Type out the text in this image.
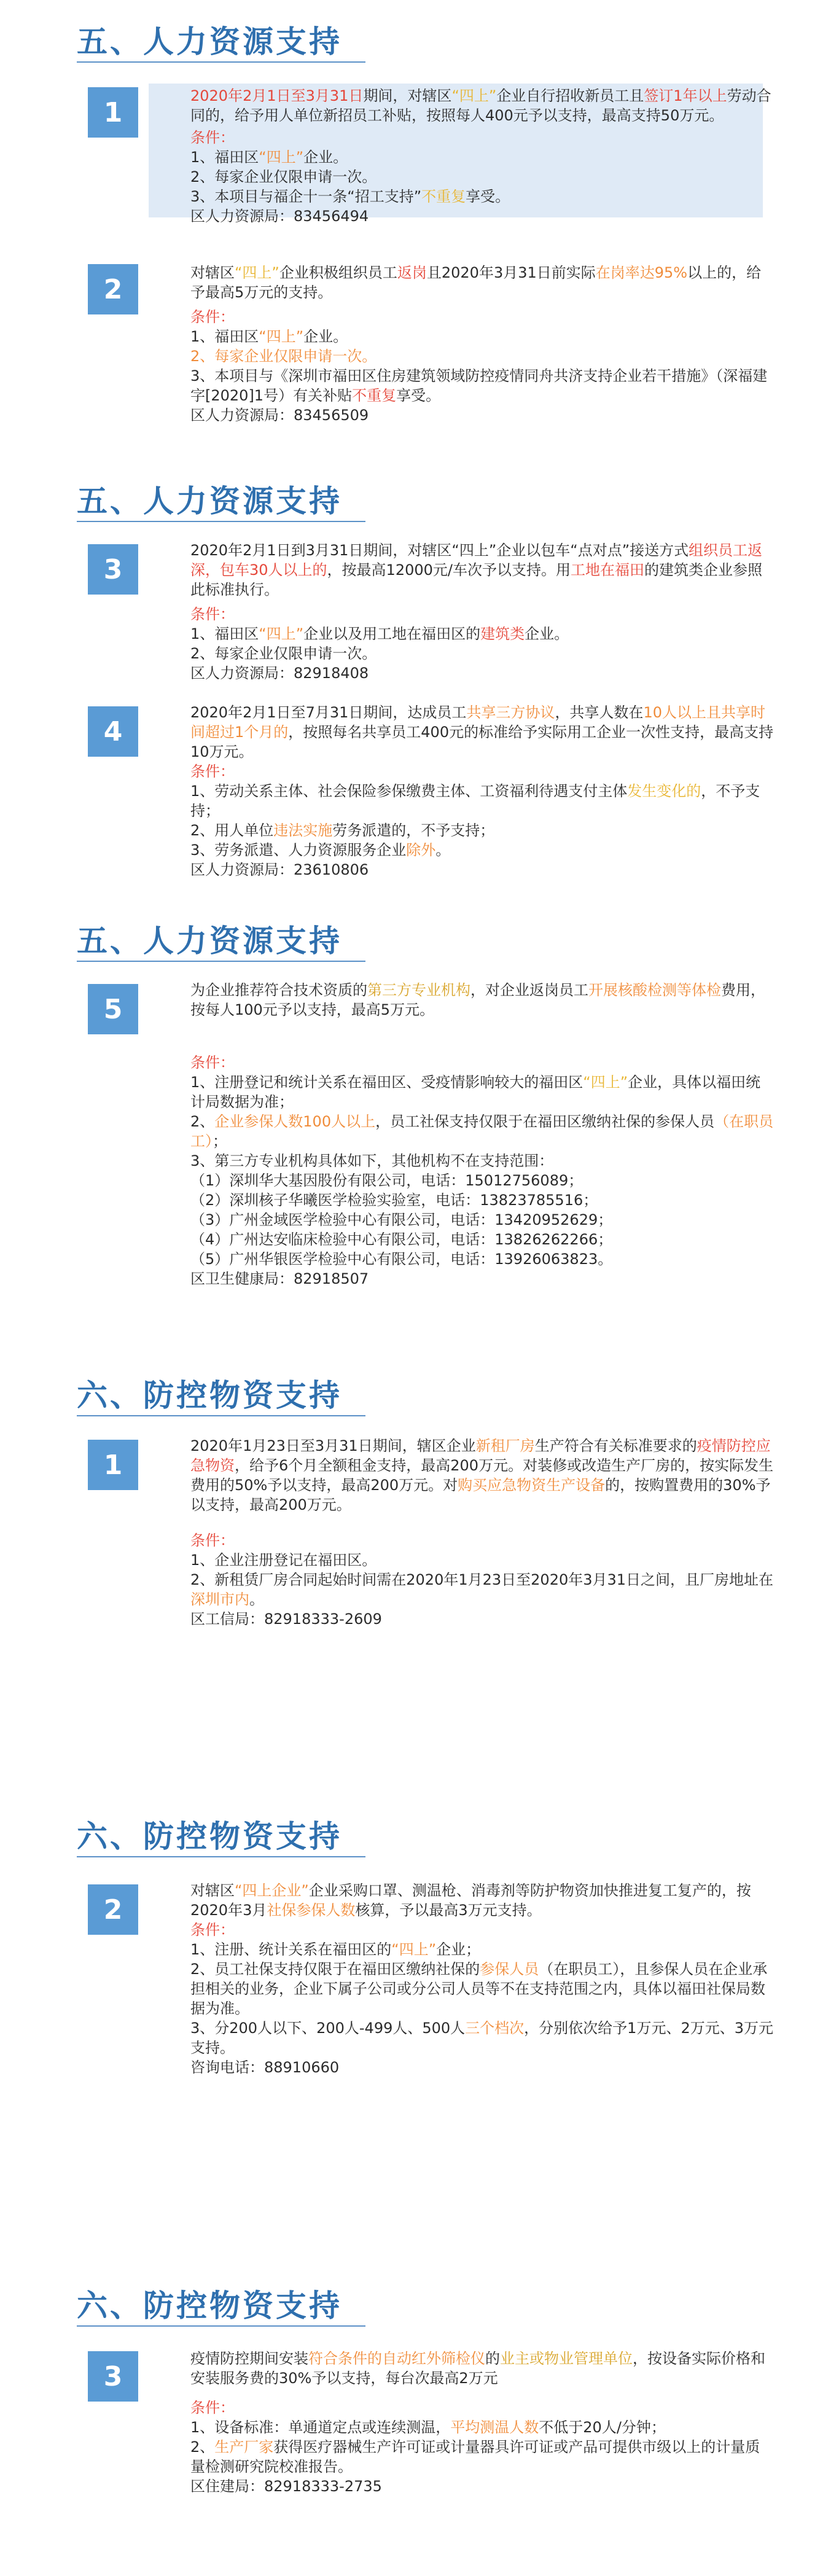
五、人力资源支持
1

2020年2月1日至3月31日期间，对辖区“四上”企业自行招收新员工且签订1年以上劳动合同的，给予用人单位新招员工补贴，按照每人400元予以支持，最高支持50万元。

条件：

1、福田区“四上”企业。

2、每家企业仅限申请一次。

3、本项目与福企十一条“招工支持”不重复享受。

区人力资源局：83456494

2

对辖区“四上”企业积极组织员工返岗且2020年3月31日前实际在岗率达95%以上的，给予最高5万元的支持。

条件：

1、福田区“四上”企业。

2、每家企业仅限申请一次。

3、本项目与《深圳市福田区住房建筑领域防控疫情同舟共济支持企业若干措施》（深福建字[2020]1号）有关补贴不重复享受。

区人力资源局：83456509

五、人力资源支持
3

2020年2月1日到3月31日期间，对辖区“四上”企业以包车“点对点”接送方式组织员工返深，包车30人以上的，按最高12000元/车次予以支持。用工地在福田的建筑类企业参照此标准执行。

条件：

1、福田区“四上”企业以及用工地在福田区的建筑类企业。

2、每家企业仅限申请一次。

区人力资源局：82918408

4

2020年2月1日至7月31日期间，达成员工共享三方协议，共享人数在10人以上且共享时间超过1个月的，按照每名共享员工400元的标准给予实际用工企业一次性支持，最高支持10万元。

条件：

1、劳动关系主体、社会保险参保缴费主体、工资福利待遇支付主体发生变化的，不予支持；

2、用人单位违法实施劳务派遣的，不予支持；

3、劳务派遣、人力资源服务企业除外。

区人力资源局：23610806

五、人力资源支持
5

为企业推荐符合技术资质的第三方专业机构，对企业返岗员工开展核酸检测等体检费用，按每人100元予以支持，最高5万元。

条件：

1、注册登记和统计关系在福田区、受疫情影响较大的福田区“四上”企业，具体以福田统计局数据为准；

2、企业参保人数100人以上，员工社保支持仅限于在福田区缴纳社保的参保人员（在职员工）；

3、第三方专业机构具体如下，其他机构不在支持范围：

（1）深圳华大基因股份有限公司，电话：15012756089；

（2）深圳核子华曦医学检验实验室，电话：13823785516；

（3）广州金域医学检验中心有限公司，电话：13420952629；

（4）广州达安临床检验中心有限公司，电话：13826262266；

（5）广州华银医学检验中心有限公司，电话：13926063823。

区卫生健康局：82918507

六、防控物资支持
1

2020年1月23日至3月31日期间，辖区企业新租厂房生产符合有关标准要求的疫情防控应急物资，给予6个月全额租金支持，最高200万元。对装修或改造生产厂房的，按实际发生费用的50%予以支持，最高200万元。对购买应急物资生产设备的，按购置费用的30%予以支持，最高200万元。

条件：

1、企业注册登记在福田区。

2、新租赁厂房合同起始时间需在2020年1月23日至2020年3月31日之间，且厂房地址在深圳市内。

区工信局：82918333-2609

六、防控物资支持
2

对辖区“四上企业”企业采购口罩、测温枪、消毒剂等防护物资加快推进复工复产的，按2020年3月社保参保人数核算，予以最高3万元支持。

条件：

1、注册、统计关系在福田区的“四上”企业；

2、员工社保支持仅限于在福田区缴纳社保的参保人员（在职员工），且参保人员在企业承担相关的业务，企业下属子公司或分公司人员等不在支持范围之内，具体以福田社保局数据为准。

3、分200人以下、200人-499人、500人三个档次，分别依次给予1万元、2万元、3万元支持。

咨询电话：88910660

六、防控物资支持
3

疫情防控期间安装符合条件的自动红外筛检仪的业主或物业管理单位，按设备实际价格和安装服务费的30%予以支持，每台次最高2万元

条件：

1、设备标准：单通道定点或连续测温，平均测温人数不低于20人/分钟；

2、生产厂家获得医疗器械生产许可证或计量器具许可证或产品可提供市级以上的计量质量检测研究院校准报告。

区住建局：82918333-2735
